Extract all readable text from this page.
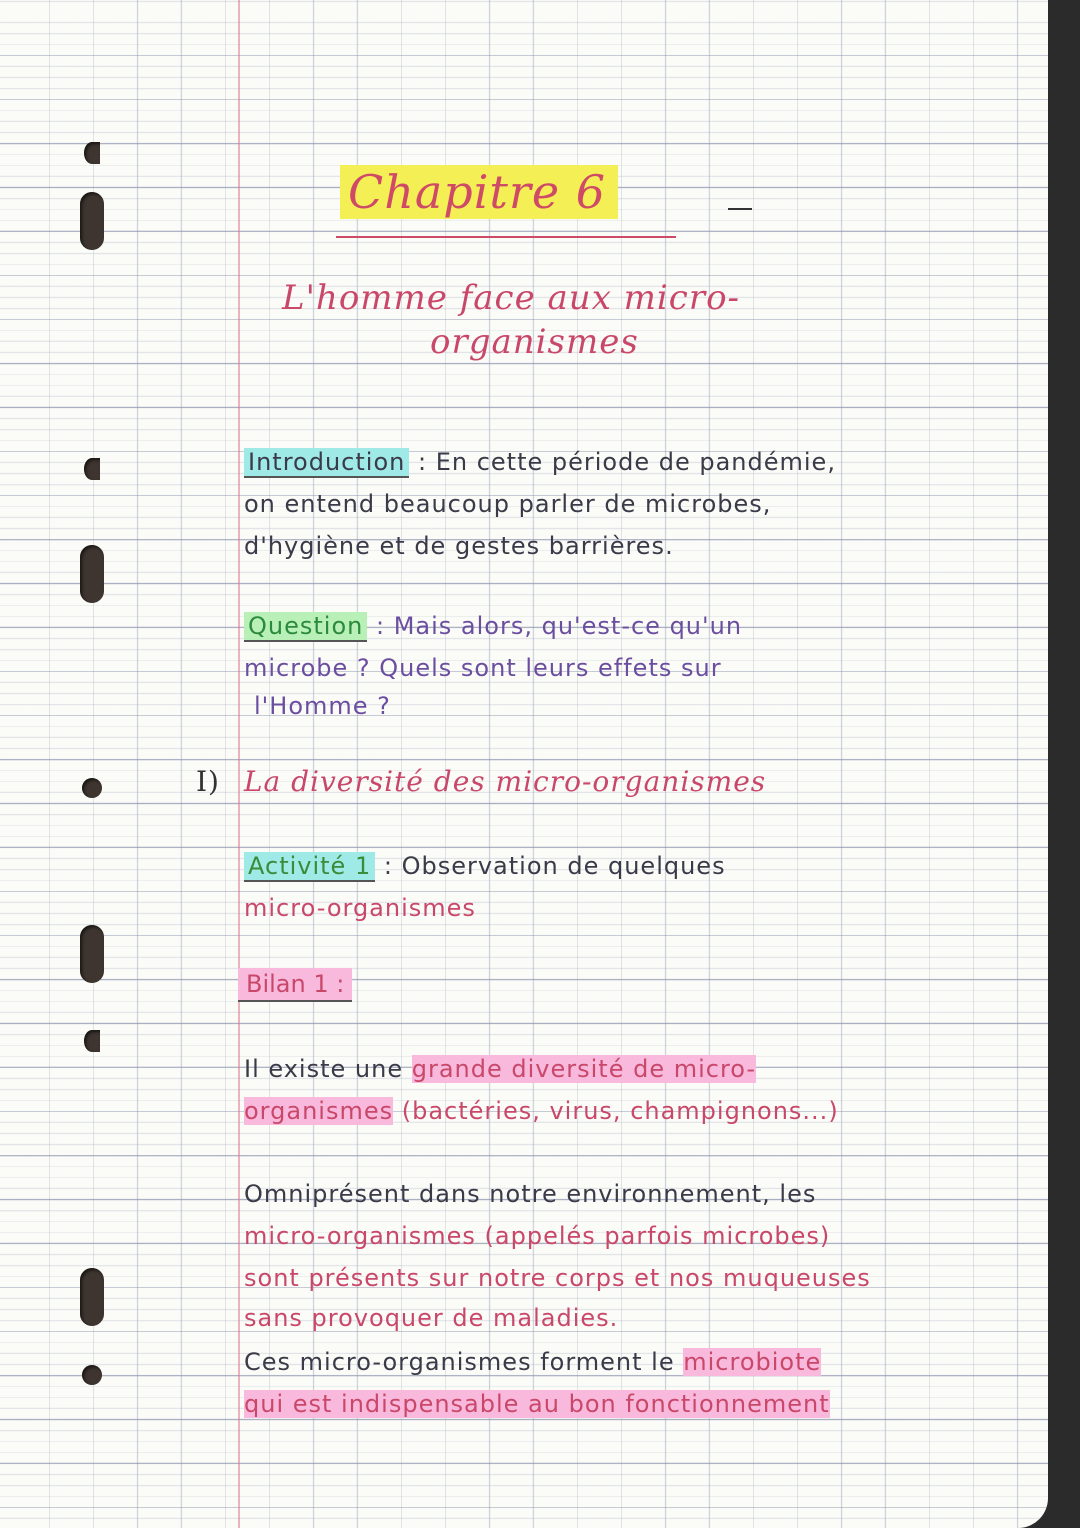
Chapitre 6
L'homme face aux micro-
organismes
Introduction : En cette période de pandémie,
on entend beaucoup parler de microbes,
d'hygiène et de gestes barrières.
Question : Mais alors, qu'est-ce qu'un
microbe ? Quels sont leurs effets sur
l'Homme ?
I) La diversité des micro-organismes
Activité 1 : Observation de quelques
micro-organismes
Bilan 1 :
Il existe une grande diversité de micro-
organismes (bactéries, virus, champignons...)
Omniprésent dans notre environnement, les
micro-organismes (appelés parfois microbes)
sont présents sur notre corps et nos muqueuses
sans provoquer de maladies.
Ces micro-organismes forment le microbiote
qui est indispensable au bon fonctionnement
